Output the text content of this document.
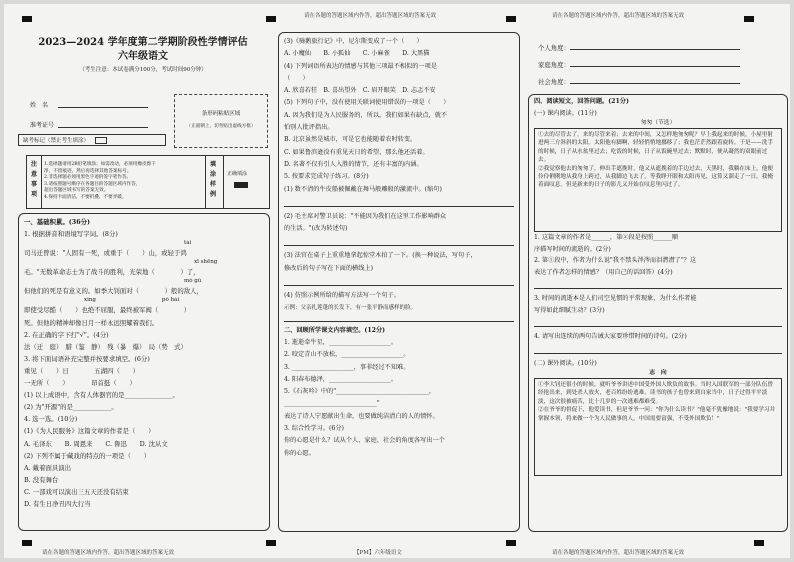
请在各题的答题区域内作答，超出答题区域的答案无效	请在各题的答题区域内作答，超出答题区域的答案无效
请在各题的答题区域内作答，超出答题区域的答案无效	【PM】六年级语文	请在各题的答题区域内作答，超出答题区域的答案无效

2023—2024 学年度第二学期阶段性学情评估

六年级语文

（考生注意：本试卷满分100分，考试时间90分钟）

姓　名
准考证号
缺考标记（禁止考生填涂）
条形码粘贴区域
（正面朝上，切勿贴出虚线方框）
注意事项
1.选择题请用2B铅笔填涂；如需改动，必须用橡皮擦干
净，不留痕迹，然后再选择其他答案标号。
2.非选择题必须用黑色字迹的签字笔作答。
3.请按照题号顺序在各题目的答题区域内作答，
超出答题区域书写的答案无效。
4.保持卡面清洁，不要折叠、不要弄破。
填涂样例
正确填涂

一、基础积累。(36分)

1. 根据拼音和语境写字词。(8分)

tài

司马迁曾说："人固有一死，或重于（　　）山，或轻于鸿

xī shēng

毛。"无数革命志士为了战斗的胜利，光荣地（　　　　）了，

mò gǔ

但他们的死是有意义的。如季大钊面对（　　　　）般的敌人，

xìng　　　　　　　　　　　　pò hài

即使受尽酷（　　）也绝不屈服，最终被军阀（　　　　）

死。但他的精神却像日月一样永远照耀着我们。

2. 在正确的字下打"√"。(4分)

法（迁　庭）　腊（鉴　静）　残（暴　爆）　局（势　式）

3. 将下面词语补充完整并按要求填空。(6分)

重见（　　）日　　　　五湖四（　　）

一无所（　　）　　　　昂首挺（　　）

(1) 以上成语中，含有人体器官的是_______________。

(2) 为"开源"的是____________。

4. 选一选。(10分)

(1)《为人民服务》这篇文章的作者是（　　）

A. 毛泽东　　B. 周恩来　　C. 鲁迅　　D. 沈从文

(2) 下列不属于藏戏的特点的一项是（　　）

A. 戴着面具演出

B. 没有舞台

C. 一部戏可以演出三五天还没有结束

D. 有生日净丑四大行当

(3)《骑鹅旅行记》中，尼尔斯变成了一个（　　）

A. 小魔仙　　B. 小狐仙　　C. 小麻雀　　D. 大黑猫

(4) 下列词语所表达的情感与其他三项最不相似的一项是

（　　）

A. 欣喜若狂　B. 喜出望外　C. 眉开眼笑　D. 忐忑不安

(5) 下列句子中，没有使用关联词使用错误的一项是（　　）

A. 因为我们是为人民服务的，所以，我们如果有缺点，就不

怕别人批评指出。

B. 北京虽然是城市，可是它也能随着农时转变。

C. 如果鲁滨逊没有重见天日的希望，那么他还活着。

D. 名著不仅有引人入胜的情节，还有丰富的内涵。

5. 按要求完成句子练习。(8分)

(1) 数不清的牛皮船被佩戴在舞马般雕般的激流中。(缩句)

(2) 毛主席对警卫员说："不能因为我们在这里工作影响群众

的生活。"(改为转述句)

(3) 法官在桌子上重重地拿起惊堂木拍了一下。(换一种说法，写句子，

修改后的句子写在下面的横线上)

(4) 仿照示例所给的描写方法写一个句子。

示例：父亲扎莲蓬的长发下，有一张平静而感样的脸。

二、回顾所学课文内容填空。(12分)

1. 逝逝牵牛星，____________________。

2. 咬定青山不放松，____________________。

3. ____________________，事非经过不知难。

4. 阳春布德泽，____________________。

5.《石灰吟》中的"______________________________，

______________________________"

表达了诗人宁愿献出生命，也要做纯洁清白的人的情怀。

3. 综合性学习。(6分)

你的心愿是什么？试从个人、家庭、社会的角度各写出一个

你的心愿。

个人角度：

家庭角度：

社会角度：

四、阅读短文，回答问题。(21分)

(一) 课内阅读。(11分)

匆匆（节选）

①去的尽管去了，来的尽管来着；去来的中间，又怎样地匆匆呢？早上我起来的时候，小屋里射进两三方斜斜的太阳。太阳他有脚啊，轻轻悄悄地挪移了；我也茫茫然跟着旋转。于是——洗手的时候，日子从水盆里过去；吃饭的时候，日子从饭碗里过去；默默时，便从凝然的双眼前过去。
②我觉察他去的匆匆了，伸出手遮挽时，他又从遮挽着的手边过去，天黑时，我躺在床上，他便伶伶俐俐地从我身上跨过，从我脚边飞去了。等我睁开眼和太阳再见，这算又溜走了一日。我掩着面叹息。但是新来的日子的影儿又开始在叹息里闪过了。

1. 这篇文章的作者是______，第②段是按照______顺

序描写时间的流逝的。(2分)

2. 第①段中，作者为什么说"我不禁头涔涔而泪潸潸了"？这

表达了作者怎样的情感？（用自己的话回答）(4分)

3. 时间的流逝本是人们司空见惯的平常现象，为什么作者能

写得如此细腻生动？(3分)

4. 请写出连续的两句告诫大家要珍惜时间的诗句。(2分)

(二) 课外阅读。(10分)

志　向

①李大钊还很小的时候，就听爷爷讲述中国受外国人欺负的故事。当时入国联军的一部分队伍曾经抢出来，到处杀人放火，老百姓纷纷逃难。读书的孩子也曾来到自家当中，日子过得平平淡淡，这次很被痛苦，比十几岁的一次逃难都难受。
②在爷爷的督促下，他爱读书，但是爷爷一问："你为什么读书？"他毫不犹豫地说："我要学习并掌握本领，将来做一个为人民做事的人，中国需要富强，不受外国欺负！"
